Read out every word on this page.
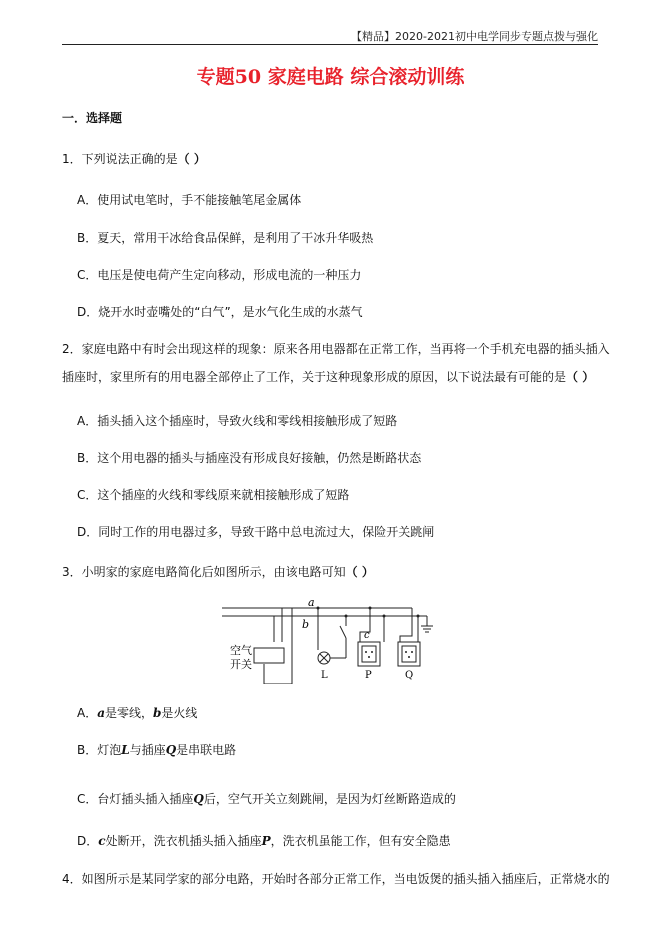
【精品】2020-2021初中电学同步专题点拨与强化
专题50 家庭电路 综合滚动训练
一．选择题
1．下列说法正确的是（ ）
A．使用试电笔时，手不能接触笔尾金属体
B．夏天，常用干冰给食品保鲜，是利用了干冰升华吸热
C．电压是使电荷产生定向移动，形成电流的一种压力
D．烧开水时壶嘴处的“白气”，是水气化生成的水蒸气
2．家庭电路中有时会出现这样的现象：原来各用电器都在正常工作，当再将一个手机充电器的插头插入
插座时，家里所有的用电器全部停止了工作，关于这种现象形成的原因，以下说法最有可能的是（ ）
A．插头插入这个插座时，导致火线和零线相接触形成了短路
B．这个用电器的插头与插座没有形成良好接触，仍然是断路状态
C．这个插座的火线和零线原来就相接触形成了短路
D．同时工作的用电器过多，导致干路中总电流过大，保险开关跳闸
3．小明家的家庭电路简化后如图所示，由该电路可知（ ）
空气
开关
a
b
c
L	P	Q
A．a是零线，b是火线
B．灯泡L与插座Q是串联电路
C．台灯插头插入插座Q后，空气开关立刻跳闸，是因为灯丝断路造成的
D．c处断开，洗衣机插头插入插座P，洗衣机虽能工作，但有安全隐患
4．如图所示是某同学家的部分电路，开始时各部分正常工作，当电饭煲的插头插入插座后，正常烧水的
